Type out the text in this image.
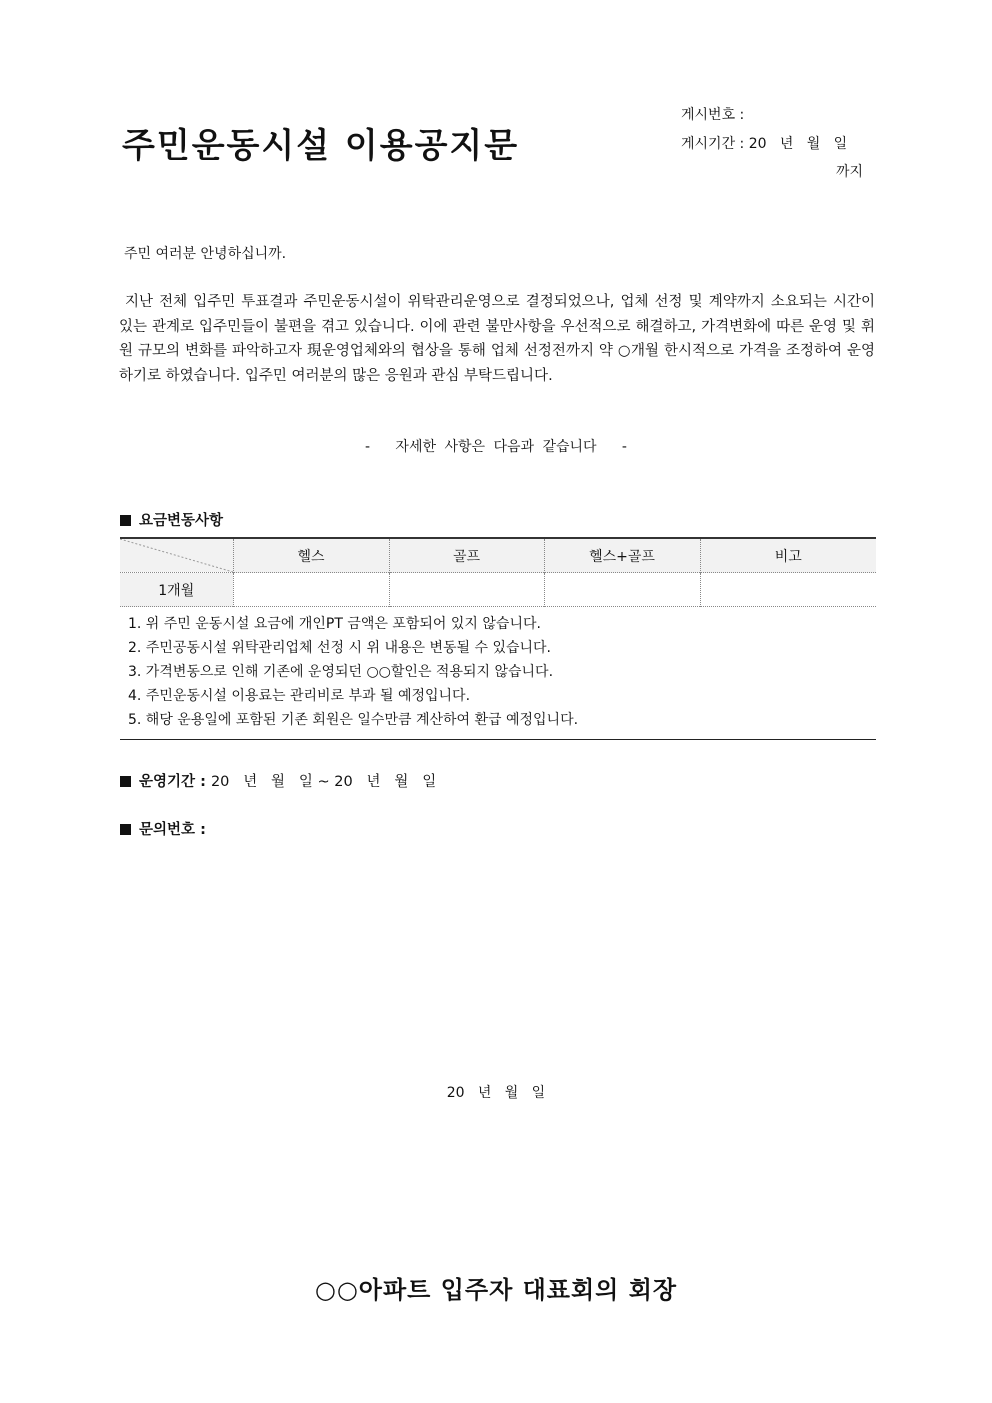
주민운동시설 이용공지문
게시번호 :
게시기간 : 20   년   월   일
까지
주민 여러분 안녕하십니까.
지난 전체 입주민 투표결과 주민운동시설이 위탁관리운영으로 결정되었으나, 업체 선정 및 계약까지 소요되는 시간이 있는 관계로 입주민들이 불편을 겪고 있습니다. 이에 관련 불만사항을 우선적으로 해결하고, 가격변화에 따른 운영 및 휘원 규모의 변화를 파악하고자 現운영업체와의 협상을 통해 업체 선정전까지 약 ○개월 한시적으로 가격을 조정하여 운영하기로 하였습니다. 입주민 여러분의 많은 응원과 관심 부탁드립니다.
-   자세한 사항은 다음과 같습니다   -
요금변동사항
	헬스	골프	헬스+골프	비고
1개월				
1. 위 주민 운동시설 요금에 개인PT 금액은 포함되어 있지 않습니다.
2. 주민공동시설 위탁관리업체 선정 시 위 내용은 변동될 수 있습니다.
3. 가격변동으로 인해 기존에 운영되던 ○○할인은 적용되지 않습니다.
4. 주민운동시설 이용료는 관리비로 부과 될 예정입니다.
5. 해당 운용일에 포함된 기존 회원은 일수만큼 계산하여 환급 예정입니다.
운영기간 : 20   년   월   일 ~ 20   년   월   일
문의번호 :
20   년   월   일
○○아파트 입주자 대표회의 회장
